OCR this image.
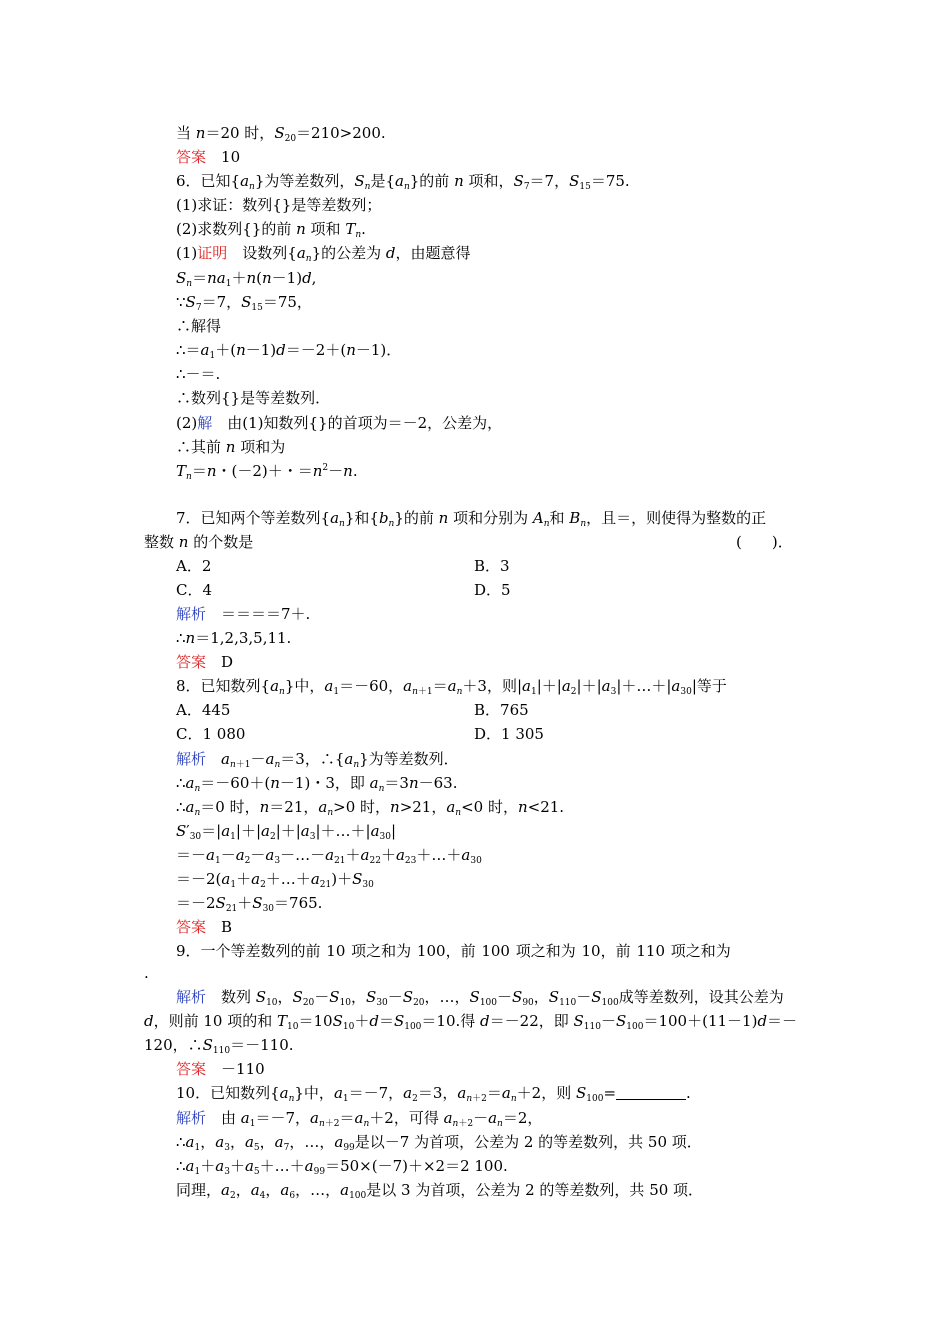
当 n＝20 时，$S_{20}=210>200$.
答案　 10
6．已知$\{a_n\}$为等差数列，$S_n$是$\{a_n\}$的前 n 项和，$S_7=7$，$S_{15}=75$.
(1)求证：数列{}是等差数列；
(2)求数列{}的前 n 项和 $T_n$.
(1)证明　设数列$\{a_n\}$的公差为 d，由题意得
$S_n=na_1+n(n-1)d$,
$\because S_7=7$，$S_{15}=75$，
∴解得
$\therefore=a_1+(n-1)d=-2+(n-1)$．
∴－＝.
∴数列{}是等差数列．
(2)解　由(1)知数列{}的首项为＝－2，公差为，
∴其前 n 项和为
$T_n=n$・(－2)＋・$=n^2-n$.
7．已知两个等差数列$\{a_n\}$和$\{b_n\}$的前 n 项和分别为 $A_n$和 $B_n$，且＝，则使得为整数的正
整数 n 的个数是	(　　)．
A．2	B．3
C．4	D．5
解析　＝＝＝＝7＋.
∴n＝1,2,3,5,11.
答案　 D
8．已知数列$\{a_n\}$中，$a_1=-60$，$a_{n+1}=a_n+3$，则$|a_1|+|a_2|+|a_3|+\dots+|a_{30}|$等于
A．445	B．765
C．1 080	D．1 305
解析　 $a_{n+1}-a_n=3$，$\therefore\{a_n\}$为等差数列．
$\therefore a_n=-60+(n-1)$・3，即 $a_n=3n-63$.
$\therefore a_n=0$ 时，n＝21，$a_n>0$ 时，n>21，$a_n<0$ 时，n<21.
$S'_{30}=|a_1|+|a_2|+|a_3|+\dots+|a_{30}|$
$=-a_1-a_2-a_3-\dots-a_{21}+a_{22}+a_{23}+\dots+a_{30}$
$=-2(a_1+a_2+\dots+a_{21})+S_{30}$
$=-2S_{21}+S_{30}=765$.
答案　 B
9．一个等差数列的前 10 项之和为 100，前 100 项之和为 10，前 110 项之和为
.
解析　数列 $S_{10}$，$S_{20}-S_{10}$，$S_{30}-S_{20}$，…，$S_{100}-S_{90}$，$S_{110}-S_{100}$成等差数列，设其公差为
d，则前 10 项的和 $T_{10}=10S_{10}+d=S_{100}=10$.得 d＝－22，即 $S_{110}-S_{100}=100+(11-1)d=-$
120，$\therefore S_{110}=-110$.
答案　 －110
10．已知数列$\{a_n\}$中，$a_1=-7$，$a_2=3$，$a_{n+2}=a_n+2$，则 $S_{100}=$	.
解析　由 $a_1=-7$，$a_{n+2}=a_n+2$，可得 $a_{n+2}-a_n=2$，
$\therefore a_1$，$a_3$，$a_5$，$a_7$，…，$a_{99}$是以－7 为首项，公差为 2 的等差数列，共 50 项．
$\therefore a_1+a_3+a_5+\dots+a_{99}=50\times(-7)+\times 2=2$ 100.
同理，$a_2$，$a_4$，$a_6$，…，$a_{100}$是以 3 为首项，公差为 2 的等差数列，共 50 项．
